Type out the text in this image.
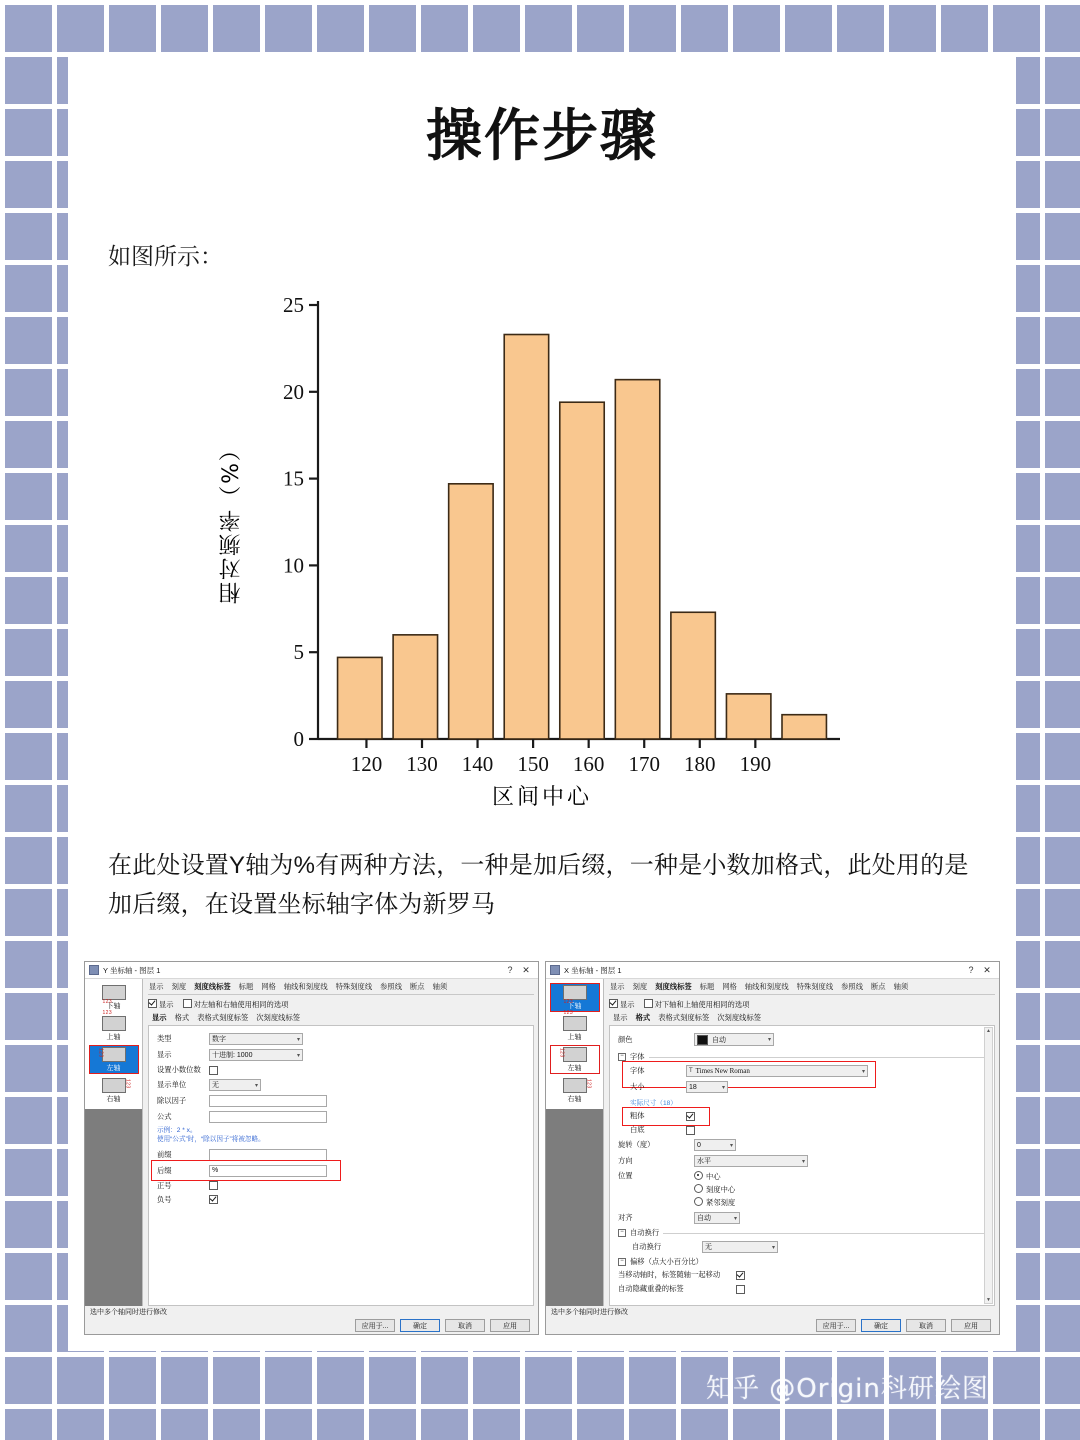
操作步骤
如图所示：
相对频率（%）
0
5
10
15
20
25
120 130 140 150 160 170 180 190
区间中心
在此处设置Y轴为%有两种方法，一种是加后缀，一种是小数加格式，此处用的是加后缀，在设置坐标轴字体为新罗马
Y 坐标轴 - 图层 1	?	✕
123
下轴
123
上轴
123
左轴
123
右轴
显示 刻度 刻度线标签 标题 网格 轴线和刻度线 特殊刻度线 参照线 断点 轴须
显示	对左轴和右轴使用相同的选项
显示 格式 表格式刻度标签 次刻度线标签
类型	数字	▾
显示	十进制: 1000	▾
设置小数位数
显示单位	无	▾
除以因子
公式
示例：2 * x。
使用“公式”时，“除以因子”将被忽略。
前缀
后缀	%
正号
负号
选中多个轴同时进行修改
应用于...	确定	取消	应用
X 坐标轴 - 图层 1	?	✕
123
下轴
123
上轴
123
左轴
123
右轴
显示 刻度 刻度线标签 标题 网格 轴线和刻度线 特殊刻度线 参照线 断点 轴须
显示	对下轴和上轴使用相同的选项
显示 格式 表格式刻度标签 次刻度线标签
▲
▼
颜色	自动	▾
− 字体
字体	T Times New Roman	▾
大小	18	▾
实际尺寸（18）
粗体
白底
旋转（度）	0	▾
方向	水平	▾
位置	中心
刻度中心
紧邻刻度
对齐	自动	▾
− 自动换行
自动换行	无	▾
− 偏移（点大小百分比）
当移动轴时，标签随轴一起移动
自动隐藏重叠的标签
选中多个轴同时进行修改
应用于...	确定	取消	应用
知乎 @Origin科研绘图
